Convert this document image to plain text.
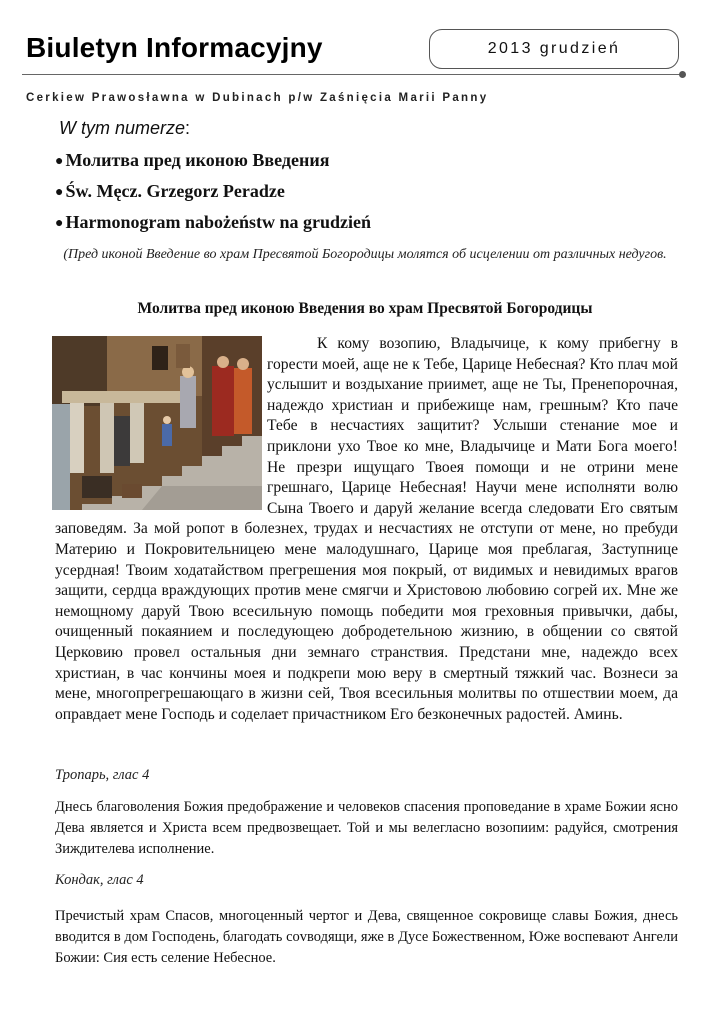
Biuletyn Informacyjny	2013 grudzień
Cerkiew Prawosławna w Dubinach p/w Zaśnięcia Marii Panny
W tym numerze:
● Молитва пред иконою Введения
● Św. Męcz. Grzegorz Peradze
● Harmonogram nabożeństw na grudzień
(Пред иконой Введение во храм Пресвятой Богородицы молятся об исцелении от различных недугов.
Молитва пред иконою Введения во храм Пресвятой Богородицы
К кому возопию, Владычице, к кому прибегну в горести моей, аще не к Тебе, Царице Небесная? Кто плач мой услышит и воздыхание приимет, аще не Ты, Пренепорочная, надеждо христиан и прибежище нам, грешным? Кто паче Тебе в несчастиях защитит? Услыши стенание мое и приклони ухо Твое ко мне, Владычице и Мати Бога моего! Не презри ищущаго Твоея помощи и не отрини мене грешнаго, Царице Небесная! Научи мене исполняти волю Сына Твоего и даруй желание всегда следовати Его святым заповедям. За мой ропот в болезнех, трудах и несчастиях не отступи от мене, но пребуди Материю и Покровительницею мене малодушнаго, Царице моя преблагая, Заступнице усердная! Твоим ходатайством прегрешения моя покрый, от видимых и невидимых врагов защити, сердца враждующих против мене смягчи и Христовою любовию согрей их. Мне же немощному даруй Твою всесильную помощь победити моя греховныя привычки, дабы, очищенный покаянием и последующею добродетельною жизнию, в общении со святой Церковию провел остальныя дни земнаго странствия. Предстани мне, надеждо всех христиан, в час кончины моея и подкрепи мою веру в смертный тяжкий час. Вознеси за мене, многопрегрешающаго в жизни сей, Твоя всесильныя молитвы по отшествии моем, да оправдает мене Господь и соделает причастником Его безконечных радостей. Аминь.
Тропарь, глас 4
Днесь благоволения Божия предображение и человеков спасения проповедание в храме Божии ясно Дева является и Христа всем предвозвещает. Той и мы велегласно возопиим: радуйся, смотрения Зиждителева исполнение.
Кондак, глас 4
Пречистый храм Спасов, многоценный чертог и Дева, священное сокровище славы Божия, днесь вводится в дом Господень, благодать сovводящи, яже в Дусе Божественном, Юже воспевают Ангели Божии: Сия есть селение Небесное.
